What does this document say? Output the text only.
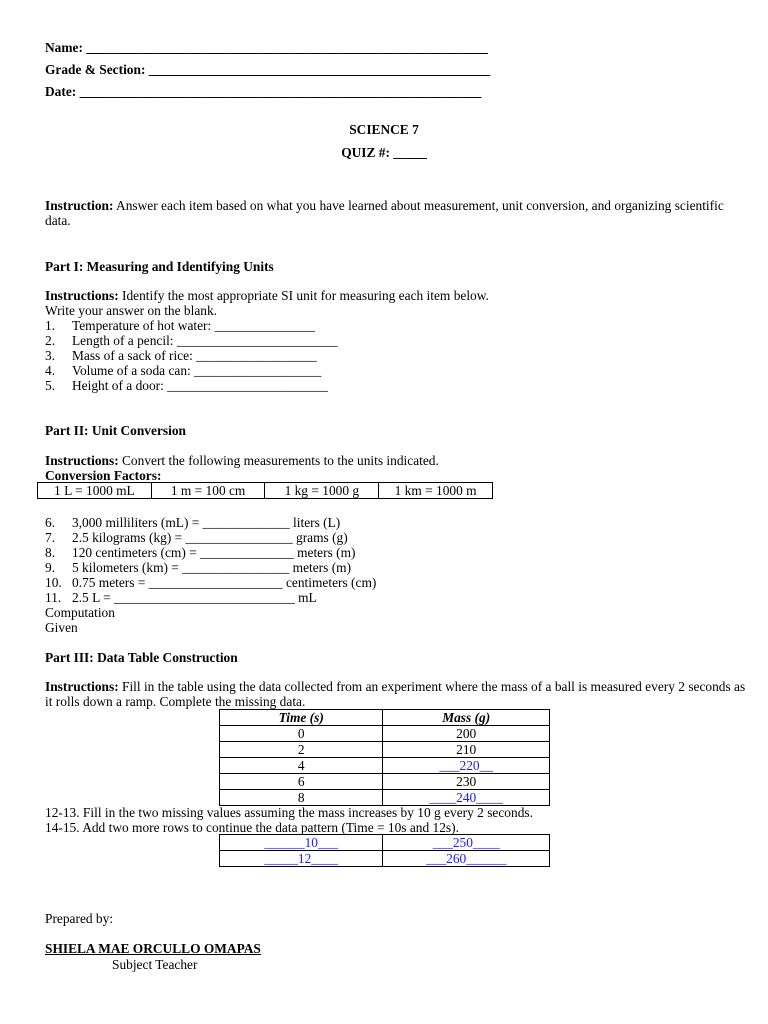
Name: ____________________________________________________________
Grade & Section: ___________________________________________________
Date: ____________________________________________________________
SCIENCE 7
QUIZ #: _____
Instruction: Answer each item based on what you have learned about measurement, unit conversion, and organizing scientific data.
Part I: Measuring and Identifying Units
Instructions: Identify the most appropriate SI unit for measuring each item below.
Write your answer on the blank.
1. Temperature of hot water: _______________
2. Length of a pencil: ________________________
3. Mass of a sack of rice: __________________
4. Volume of a soda can: ___________________
5. Height of a door: ________________________
Part II: Unit Conversion
Instructions: Convert the following measurements to the units indicated.
Conversion Factors:
1 L = 1000 mL	1 m = 100 cm	1 kg = 1000 g	1 km = 1000 m
6. 3,000 milliliters (mL) = _____________ liters (L)
7. 2.5 kilograms (kg) = ________________ grams (g)
8. 120 centimeters (cm) = ______________ meters (m)
9. 5 kilometers (km) = ________________ meters (m)
10. 0.75 meters = ____________________ centimeters (cm)
11. 2.5 L = ___________________________ mL
Computation
Given
Part III: Data Table Construction
Instructions: Fill in the table using the data collected from an experiment where the mass of a ball is measured every 2 seconds as it rolls down a ramp. Complete the missing data.
Time (s)	Mass (g)
0	200
2	210
4	___220__
6	230
8	____240____
12-13. Fill in the two missing values assuming the mass increases by 10 g every 2 seconds.
14-15. Add two more rows to continue the data pattern (Time = 10s and 12s).
______10___	___250____
_____12____	___260______
Prepared by:
SHIELA MAE ORCULLO OMAPAS
Subject Teacher
